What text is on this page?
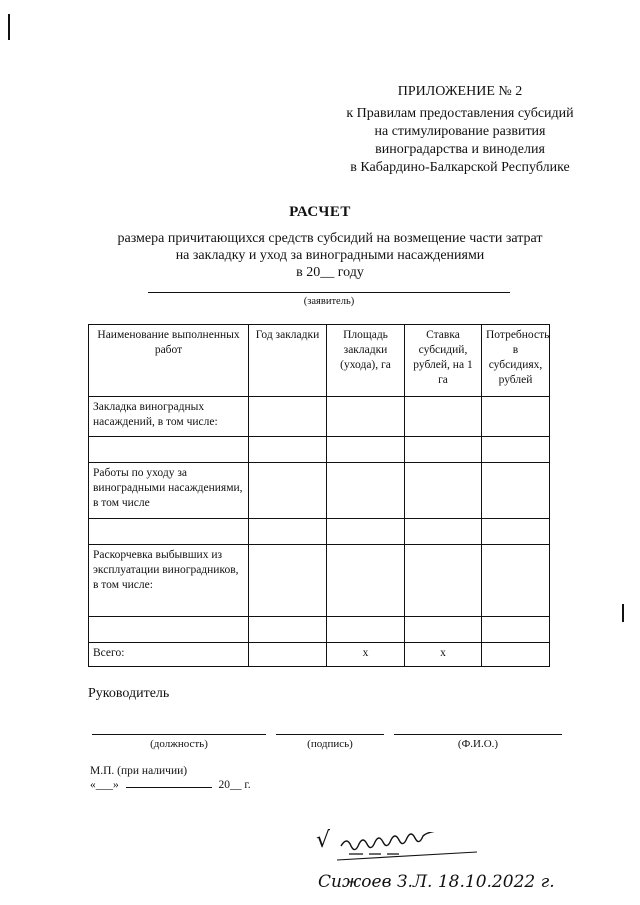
ПРИЛОЖЕНИЕ № 2
к Правилам предоставления субсидий
на стимулирование развития
виноградарства и виноделия
в Кабардино-Балкарской Республике
РАСЧЕТ
размера причитающихся средств субсидий на возмещение части затрат
на закладку и уход за виноградными насаждениями
в 20__ году
(заявитель)
Наименование выполненных работ	Год закладки	Площадь закладки (ухода), га	Ставка субсидий, рублей, на 1 га	Потребность в субсидиях, рублей
Закладка виноградных насаждений, в том числе:				

Работы по уходу за виноградными насаждениями, в том числе				

Раскорчевка выбывших из эксплуатации виноградников, в том числе:				

Всего:		х	х	
Руководитель
(должность)	(подпись)	(Ф.И.О.)
М.П. (при наличии)
«___»	20__ г.
√
Сижоев З.Л. 18.10.2022 г.
